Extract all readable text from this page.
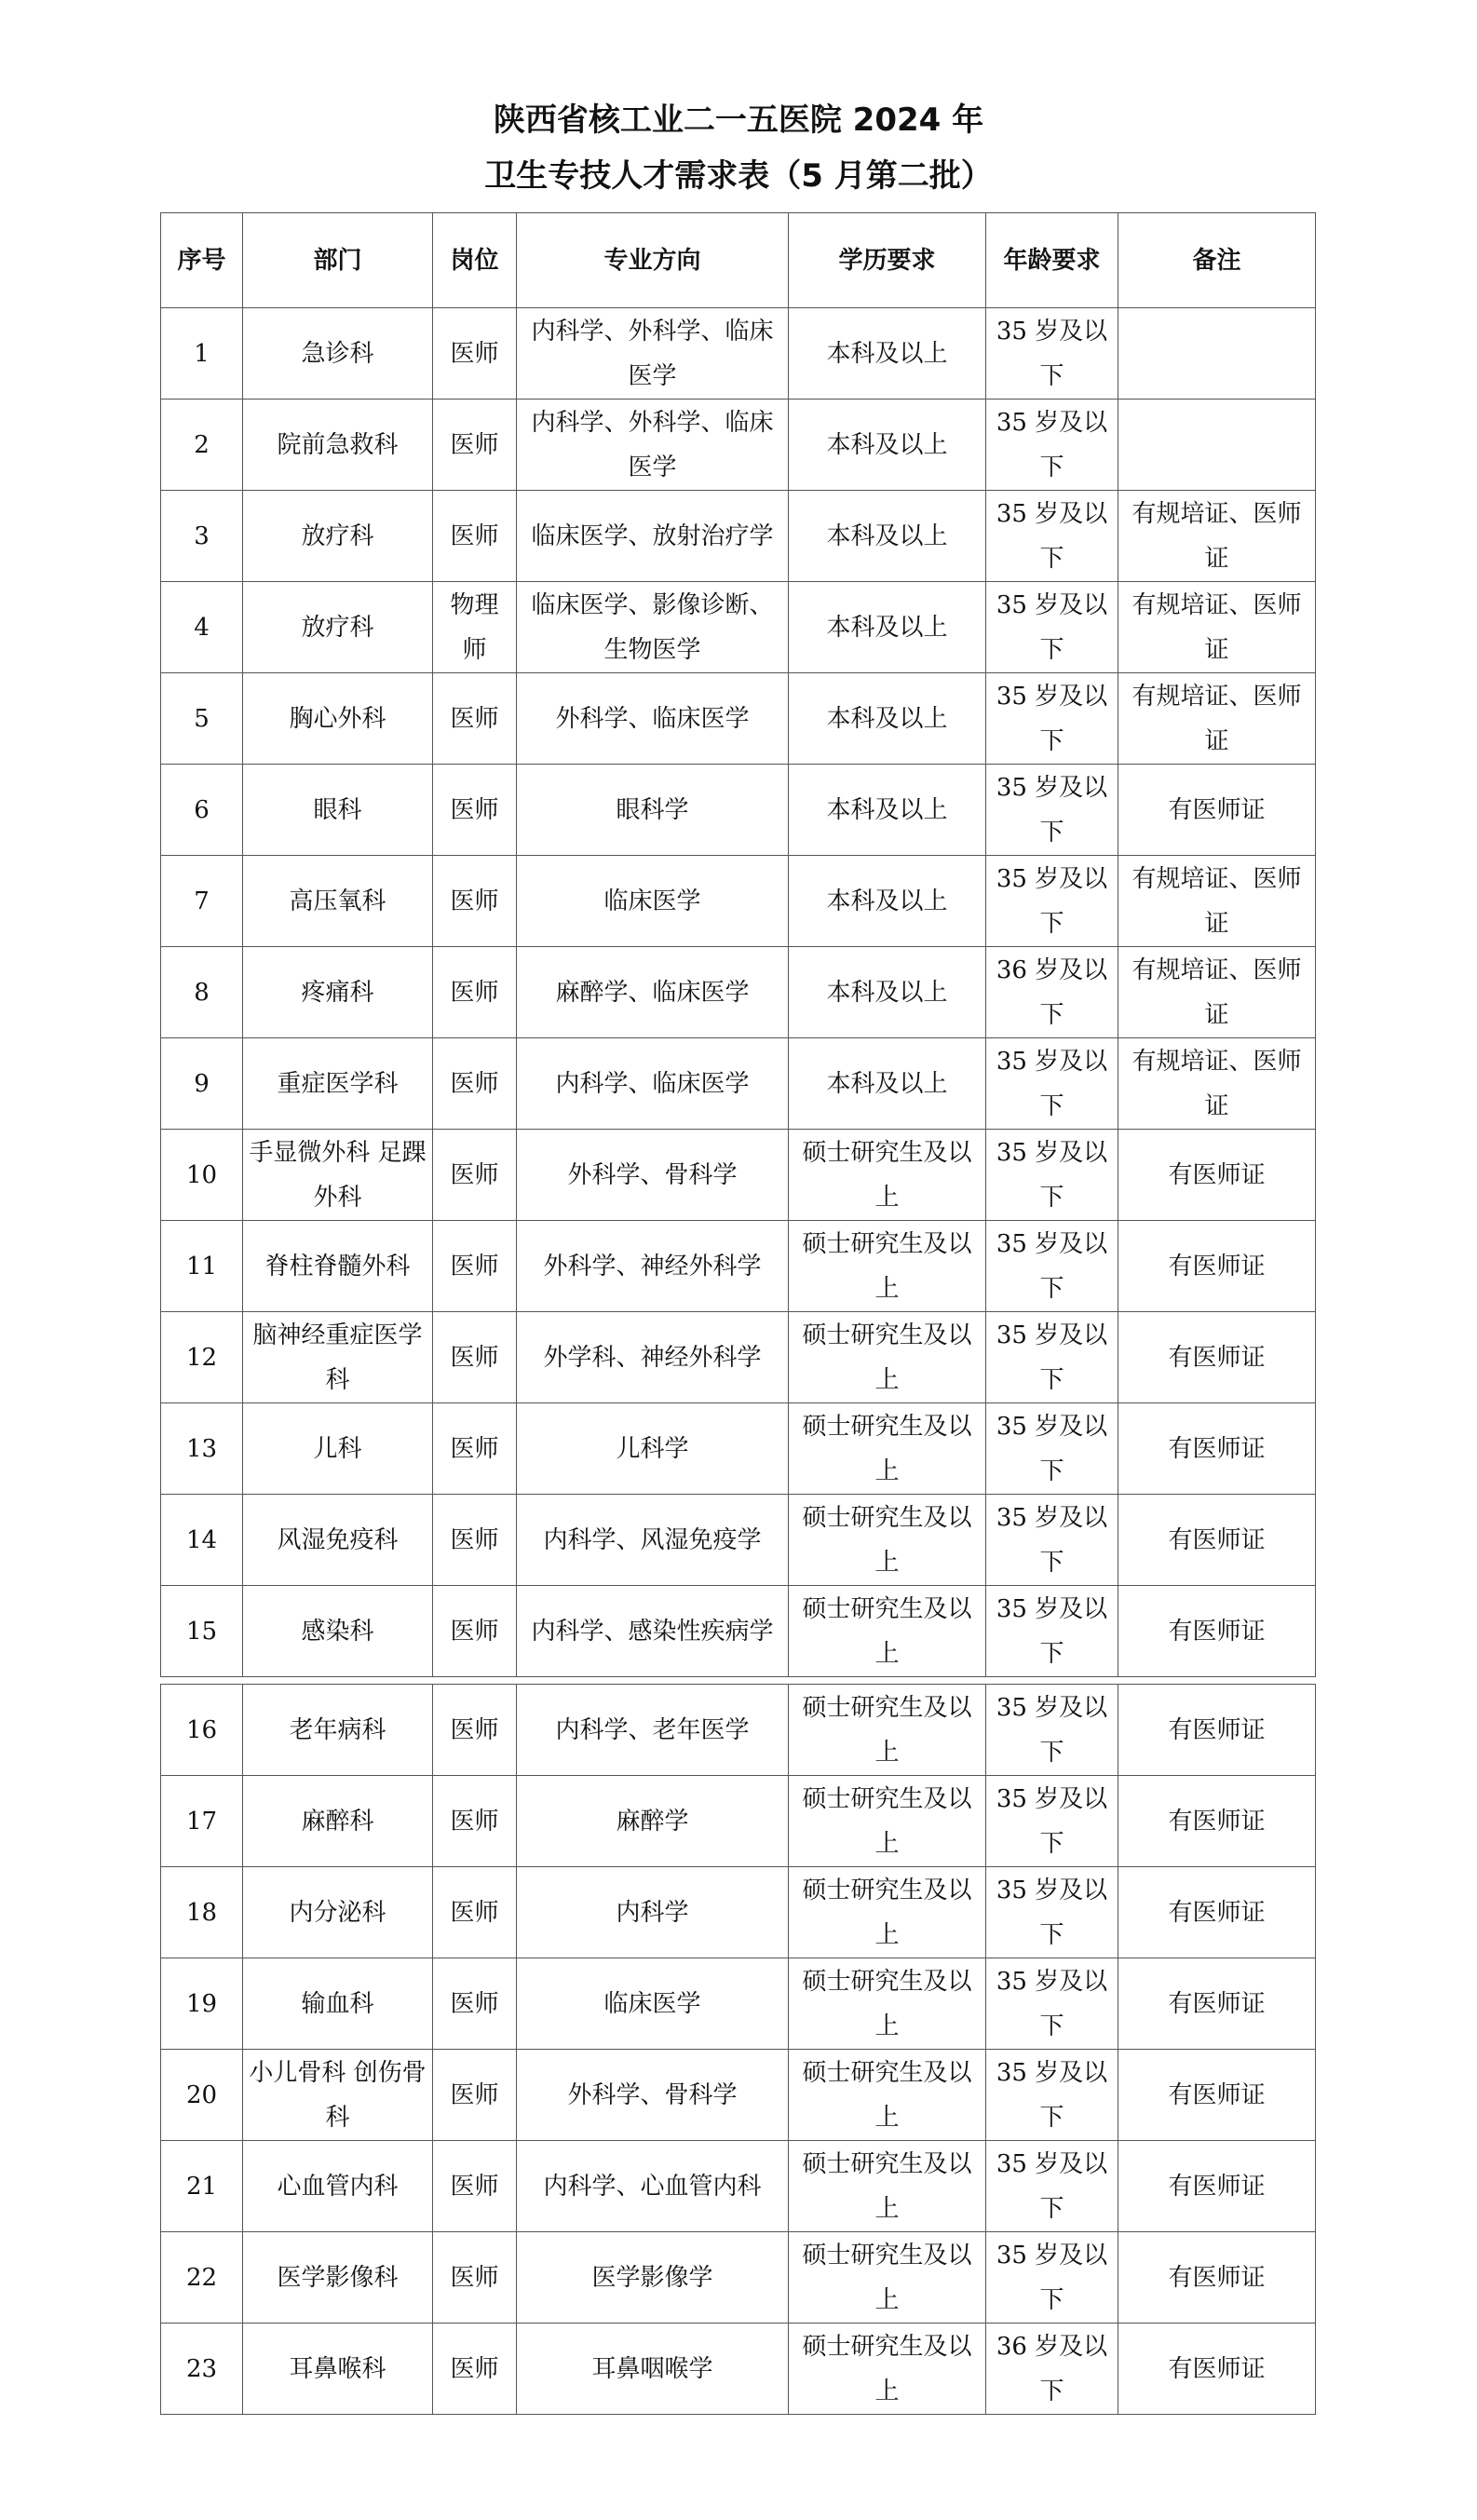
陕西省核工业二一五医院 2024 年
卫生专技人才需求表（5 月第二批）
序号	部门	岗位	专业方向	学历要求	年龄要求	备注
1	急诊科	医师	内科学、外科学、临床医学	本科及以上	35 岁及以下	
2	院前急救科	医师	内科学、外科学、临床医学	本科及以上	35 岁及以下	
3	放疗科	医师	临床医学、放射治疗学	本科及以上	35 岁及以下	有规培证、医师证
4	放疗科	物理师	临床医学、影像诊断、生物医学	本科及以上	35 岁及以下	有规培证、医师证
5	胸心外科	医师	外科学、临床医学	本科及以上	35 岁及以下	有规培证、医师证
6	眼科	医师	眼科学	本科及以上	35 岁及以下	有医师证
7	高压氧科	医师	临床医学	本科及以上	35 岁及以下	有规培证、医师证
8	疼痛科	医师	麻醉学、临床医学	本科及以上	36 岁及以下	有规培证、医师证
9	重症医学科	医师	内科学、临床医学	本科及以上	35 岁及以下	有规培证、医师证
10	手显微外科 足踝外科	医师	外科学、骨科学	硕士研究生及以上	35 岁及以下	有医师证
11	脊柱脊髓外科	医师	外科学、神经外科学	硕士研究生及以上	35 岁及以下	有医师证
12	脑神经重症医学科	医师	外学科、神经外科学	硕士研究生及以上	35 岁及以下	有医师证
13	儿科	医师	儿科学	硕士研究生及以上	35 岁及以下	有医师证
14	风湿免疫科	医师	内科学、风湿免疫学	硕士研究生及以上	35 岁及以下	有医师证
15	感染科	医师	内科学、感染性疾病学	硕士研究生及以上	35 岁及以下	有医师证
16	老年病科	医师	内科学、老年医学	硕士研究生及以上	35 岁及以下	有医师证
17	麻醉科	医师	麻醉学	硕士研究生及以上	35 岁及以下	有医师证
18	内分泌科	医师	内科学	硕士研究生及以上	35 岁及以下	有医师证
19	输血科	医师	临床医学	硕士研究生及以上	35 岁及以下	有医师证
20	小儿骨科 创伤骨科	医师	外科学、骨科学	硕士研究生及以上	35 岁及以下	有医师证
21	心血管内科	医师	内科学、心血管内科	硕士研究生及以上	35 岁及以下	有医师证
22	医学影像科	医师	医学影像学	硕士研究生及以上	35 岁及以下	有医师证
23	耳鼻喉科	医师	耳鼻咽喉学	硕士研究生及以上	36 岁及以下	有医师证
